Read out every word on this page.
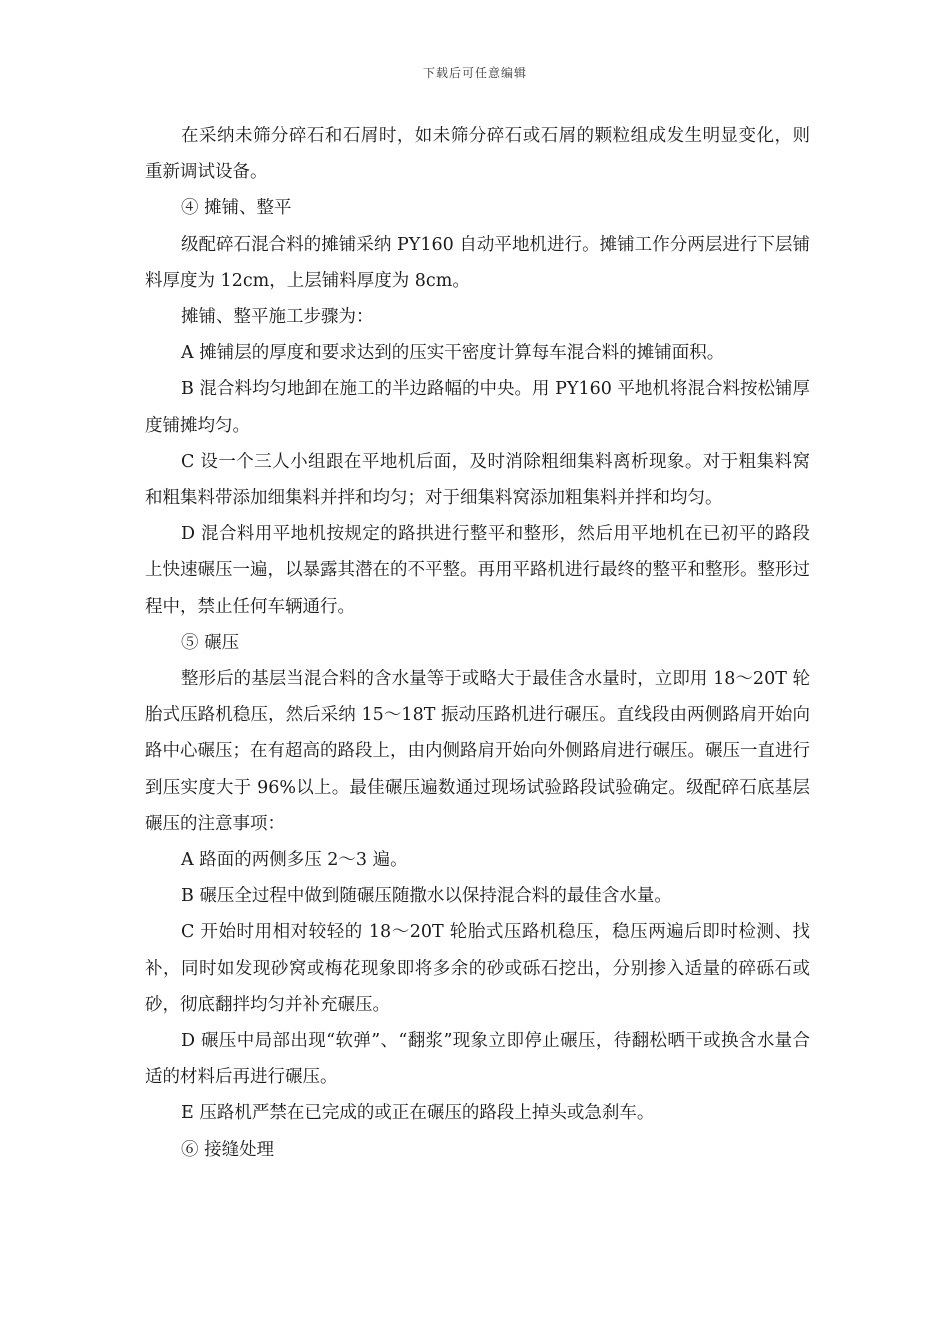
下载后可任意编辑

在采纳未筛分碎石和石屑时，如未筛分碎石或石屑的颗粒组成发生明显变化，则重新调试设备。

④ 摊铺、整平

级配碎石混合料的摊铺采纳 PY160 自动平地机进行。摊铺工作分两层进行下层铺料厚度为 12cm，上层铺料厚度为 8cm。

摊铺、整平施工步骤为：

A 摊铺层的厚度和要求达到的压实干密度计算每车混合料的摊铺面积。

B 混合料均匀地卸在施工的半边路幅的中央。用 PY160 平地机将混合料按松铺厚度铺摊均匀。

C 设一个三人小组跟在平地机后面，及时消除粗细集料离析现象。对于粗集料窝和粗集料带添加细集料并拌和均匀；对于细集料窝添加粗集料并拌和均匀。

D 混合料用平地机按规定的路拱进行整平和整形，然后用平地机在已初平的路段上快速碾压一遍，以暴露其潜在的不平整。再用平路机进行最终的整平和整形。整形过程中，禁止任何车辆通行。

⑤ 碾压

整形后的基层当混合料的含水量等于或略大于最佳含水量时，立即用 18～20T 轮胎式压路机稳压，然后采纳 15～18T 振动压路机进行碾压。直线段由两侧路肩开始向路中心碾压；在有超高的路段上，由内侧路肩开始向外侧路肩进行碾压。碾压一直进行到压实度大于 96%以上。最佳碾压遍数通过现场试验路段试验确定。级配碎石底基层碾压的注意事项：

A 路面的两侧多压 2～3 遍。

B 碾压全过程中做到随碾压随撒水以保持混合料的最佳含水量。

C 开始时用相对较轻的 18～20T 轮胎式压路机稳压，稳压两遍后即时检测、找补，同时如发现砂窝或梅花现象即将多余的砂或砾石挖出，分别掺入适量的碎砾石或砂，彻底翻拌均匀并补充碾压。

D 碾压中局部出现“软弹”、“翻浆”现象立即停止碾压，待翻松晒干或换含水量合适的材料后再进行碾压。

E 压路机严禁在已完成的或正在碾压的路段上掉头或急刹车。

⑥ 接缝处理
